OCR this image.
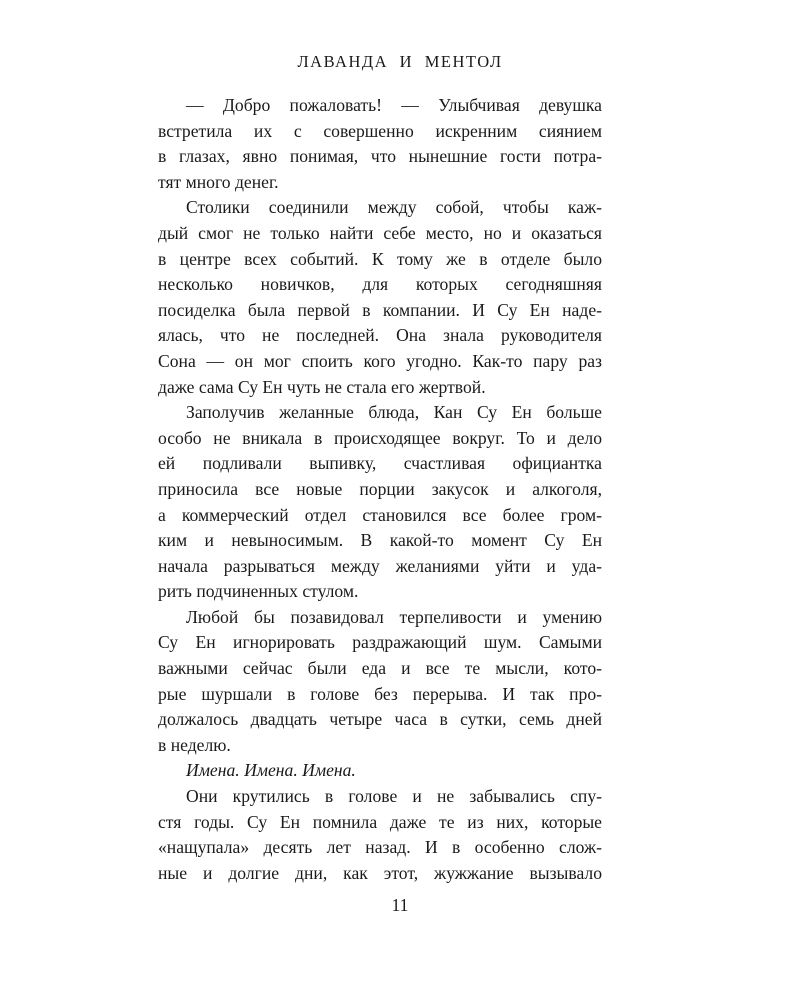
ЛАВАНДА И МЕНТОЛ
— Добро пожаловать! — Улыбчивая девушка
встретила их с совершенно искренним сиянием
в глазах, явно понимая, что нынешние гости потра-
тят много денег.
Столики соединили между собой, чтобы каж-
дый смог не только найти себе место, но и оказаться
в центре всех событий. К тому же в отделе было
несколько новичков, для которых сегодняшняя
посиделка была первой в компании. И Су Ен наде-
ялась, что не последней. Она знала руководителя
Сона — он мог споить кого угодно. Как-то пару раз
даже сама Су Ен чуть не стала его жертвой.
Заполучив желанные блюда, Кан Су Ен больше
особо не вникала в происходящее вокруг. То и делo
ей подливали выпивку, счастливая официантка
приносила все новые порции закусок и алкоголя,
а коммерческий отдел становился все более гром-
ким и невыносимым. В какой-то момент Су Ен
начала разрываться между желаниями уйти и уда-
рить подчиненных стулом.
Любой бы позавидовал терпеливости и умению
Су Ен игнорировать раздражающий шум. Самыми
важными сейчас были еда и все те мысли, кото-
рые шуршали в голове без перерыва. И так про-
должалось двадцать четыре часа в сутки, семь дней
в неделю.
Имена. Имена. Имена.
Они крутились в голове и не забывались спу-
стя годы. Су Ен помнила даже те из них, которые
«нащупала» десять лет назад. И в особенно слож-
ные и долгие дни, как этот, жужжание вызывало
11
